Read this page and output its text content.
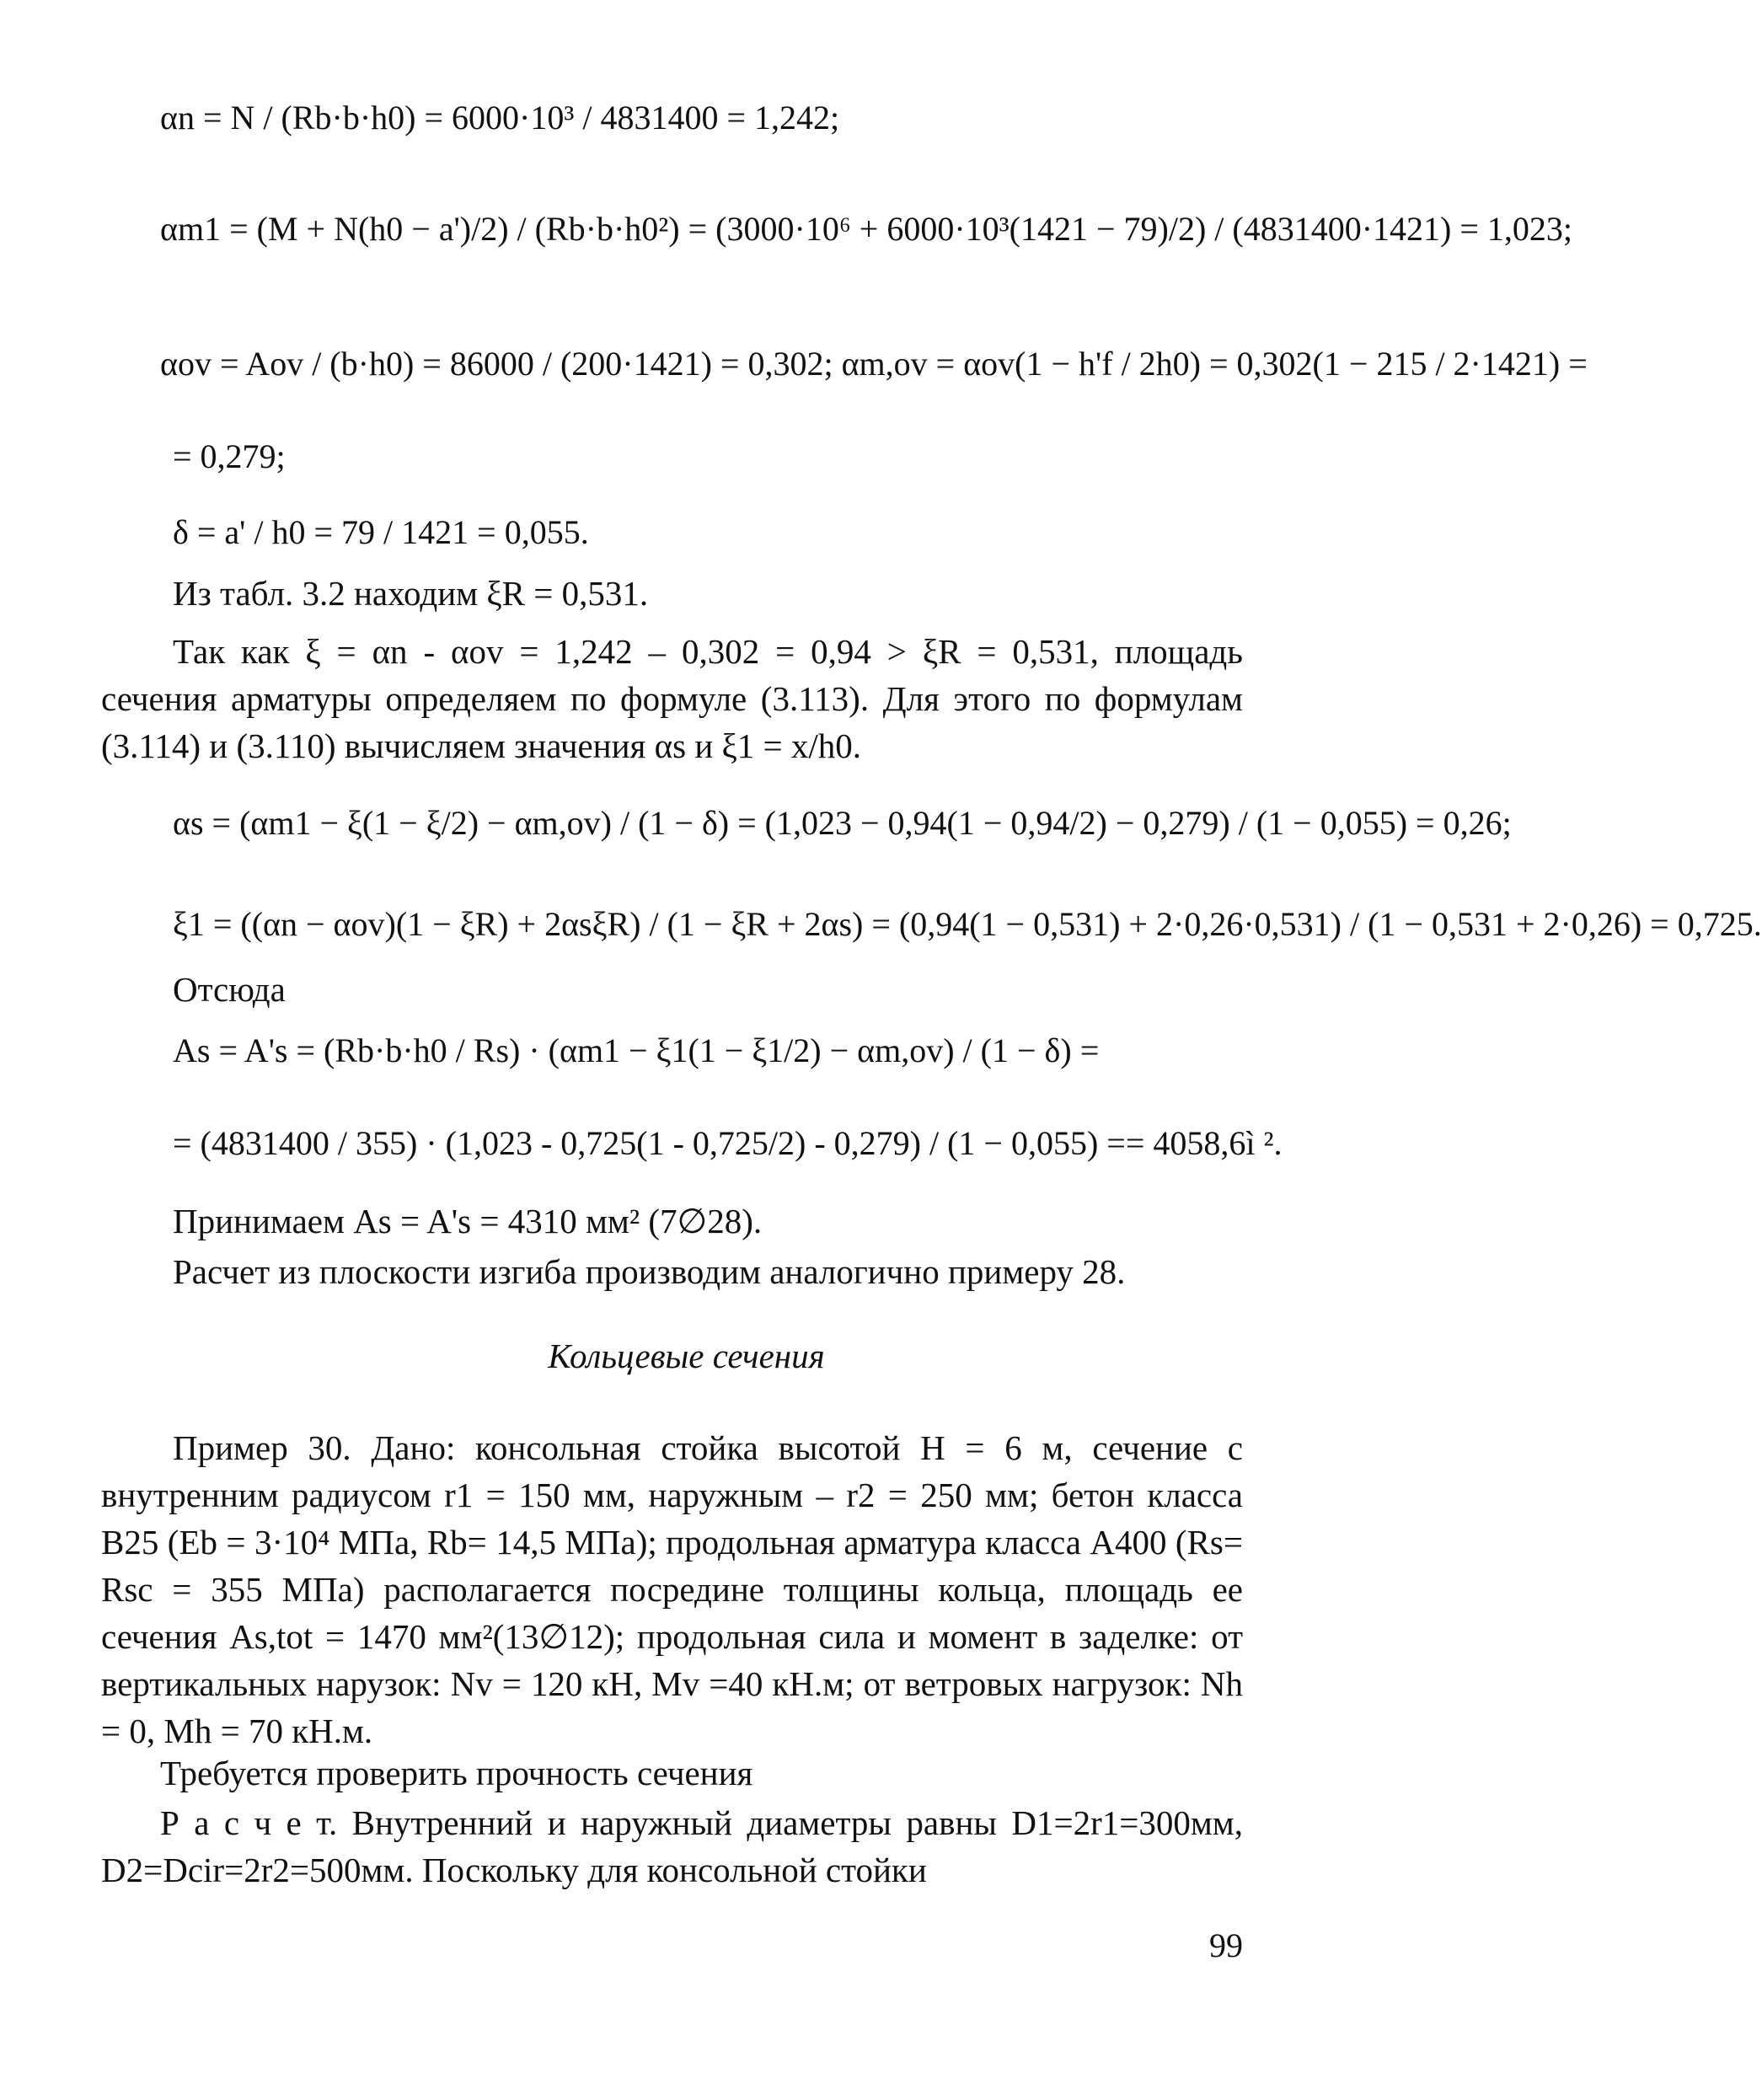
αn = N / (Rb·b·h0) = 6000·10³ / 4831400 = 1,242;
αm1 = (M + N(h0 − a')/2) / (Rb·b·h0²) = (3000·10⁶ + 6000·10³(1421 − 79)/2) / (4831400·1421) = 1,023;
αov = Aov / (b·h0) = 86000 / (200·1421) = 0,302; αm,ov = αov(1 − h'f / 2h0) = 0,302(1 − 215 / 2·1421) =
= 0,279;
δ = a' / h0 = 79 / 1421 = 0,055.
Из табл. 3.2 находим ξR = 0,531.
Так как ξ = αn - αov = 1,242 – 0,302 = 0,94 > ξR = 0,531, площадь сечения арматуры определяем по формуле (3.113). Для этого по формулам (3.114) и (3.110) вычисляем значения αs и ξ1 = x/h0.
αs = (αm1 − ξ(1 − ξ/2) − αm,ov) / (1 − δ) = (1,023 − 0,94(1 − 0,94/2) − 0,279) / (1 − 0,055) = 0,26;
ξ1 = ((αn − αov)(1 − ξR) + 2αsξR) / (1 − ξR + 2αs) = (0,94(1 − 0,531) + 2·0,26·0,531) / (1 − 0,531 + 2·0,26) = 0,725.
Отсюда
As = A's = (Rb·b·h0 / Rs) · (αm1 − ξ1(1 − ξ1/2) − αm,ov) / (1 − δ) =
= (4831400 / 355) · (1,023 - 0,725(1 - 0,725/2) - 0,279) / (1 − 0,055) == 4058,6ì ².
Принимаем As = A's = 4310 мм² (7∅28).
Расчет из плоскости изгиба производим аналогично примеру 28.
Кольцевые сечения
Пример 30. Дано: консольная стойка высотой H = 6 м, сечение с внутренним радиусом r1 = 150 мм, наружным – r2 = 250 мм; бетон класса В25 (Eb = 3·10⁴ МПа, Rb= 14,5 МПа); продольная арматура класса А400 (Rs= Rsc = 355 МПа) располагается посредине толщины кольца, площадь ее сечения As,tot = 1470 мм²(13∅12); продольная сила и момент в заделке: от вертикальных нарузок: Nv = 120 кН, Mv =40 кН.м; от ветровых нагрузок: Nh = 0, Mh = 70 кН.м.
Требуется проверить прочность сечения
Р а с ч е т. Внутренний и наружный диаметры равны D1=2r1=300мм, D2=Dcir=2r2=500мм. Поскольку для консольной стойки
99
